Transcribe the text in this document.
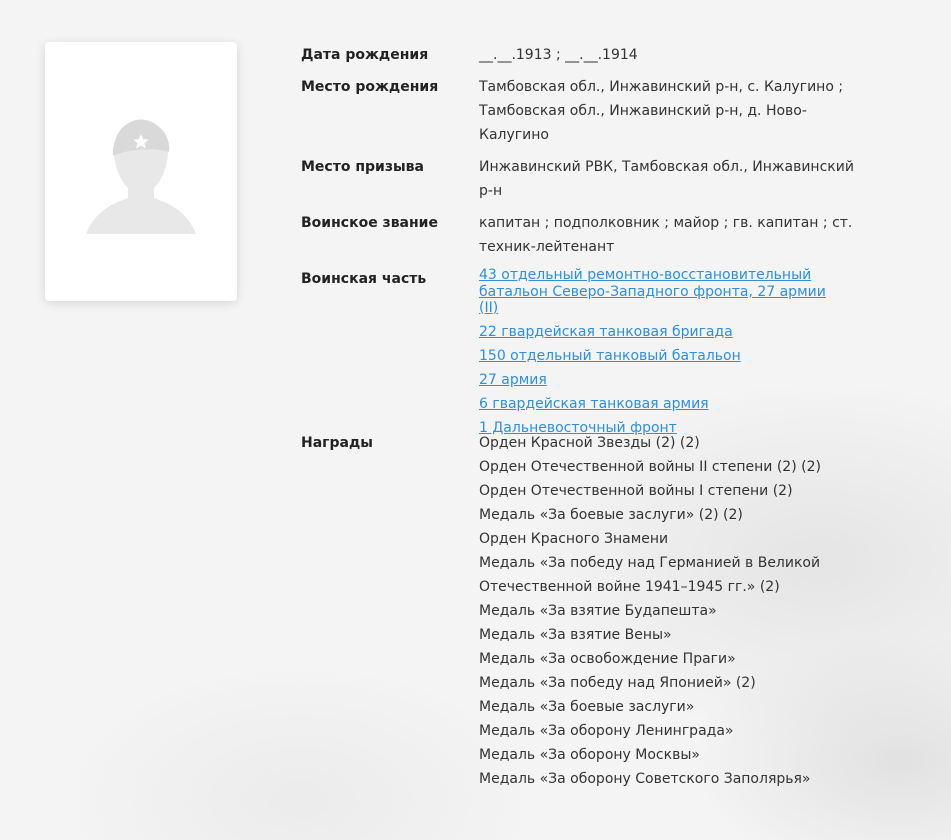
Дата рождения	__.__.1913 ; __.__.1914
Место рождения	Тамбовская обл., Инжавинский р-н, с. Калугино ;
Тамбовская обл., Инжавинский р-н, д. Ново-
Калугино
Место призыва	Инжавинский РВК, Тамбовская обл., Инжавинский
р-н
Воинское звание	капитан ; подполковник ; майор ; гв. капитан ; ст.
техник-лейтенант
Воинская часть	43 отдельный ремонтно-восстановительный
батальон Северо-Западного фронта, 27 армии (II)
22 гвардейская танковая бригада
150 отдельный танковый батальон
27 армия
6 гвардейская танковая армия
1 Дальневосточный фронт
Награды	Орден Красной Звезды (2) (2)
Орден Отечественной войны II степени (2) (2)
Орден Отечественной войны I степени (2)
Медаль «За боевые заслуги» (2) (2)
Орден Красного Знамени
Медаль «За победу над Германией в Великой
Отечественной войне 1941–1945 гг.» (2)
Медаль «За взятие Будапешта»
Медаль «За взятие Вены»
Медаль «За освобождение Праги»
Медаль «За победу над Японией» (2)
Медаль «За боевые заслуги»
Медаль «За оборону Ленинграда»
Медаль «За оборону Москвы»
Медаль «За оборону Советского Заполярья»
